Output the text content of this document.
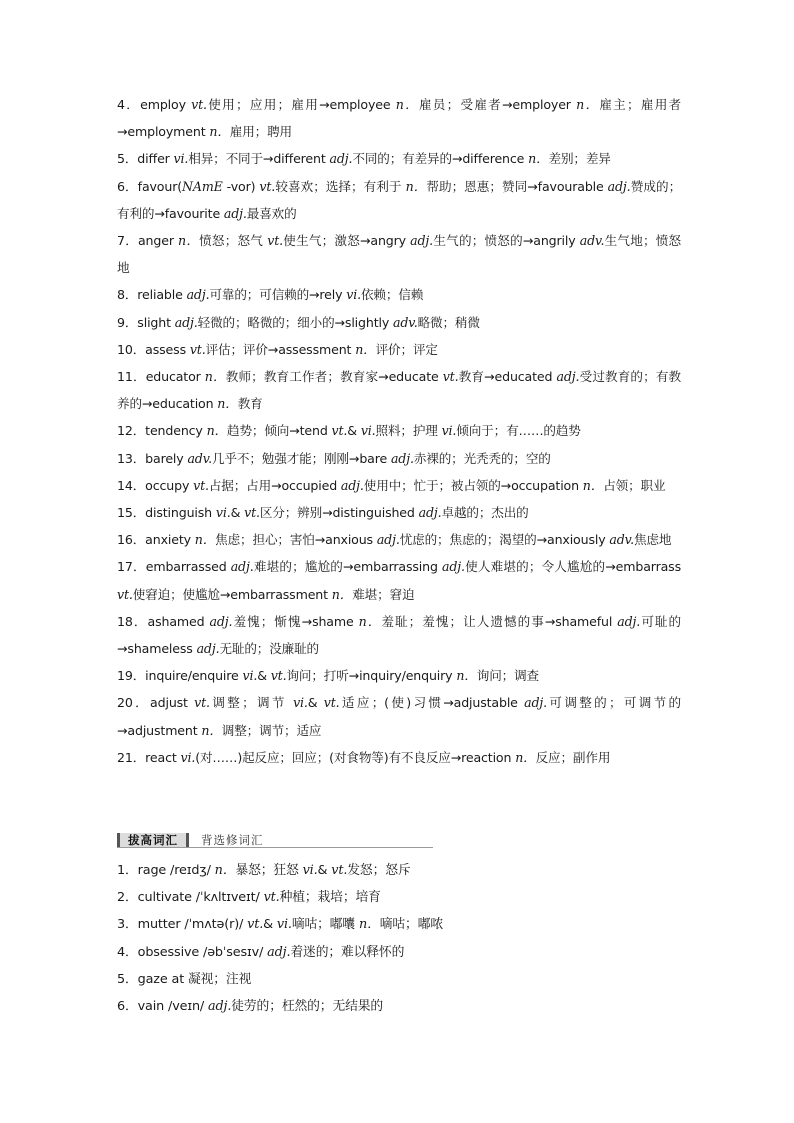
4．employ vt.使用；应用；雇用→employee n．雇员；受雇者→employer n．雇主；雇用者→employment n．雇用；聘用
5．differ vi.相异；不同于→different adj.不同的；有差异的→difference n．差别；差异
6．favour(NAmE -vor) vt.较喜欢；选择；有利于 n．帮助；恩惠；赞同→favourable adj.赞成的；有利的→favourite adj.最喜欢的
7．anger n．愤怒；怒气 vt.使生气；激怒→angry adj.生气的；愤怒的→angrily adv.生气地；愤怒地
8．reliable adj.可靠的；可信赖的→rely vi.依赖；信赖
9．slight adj.轻微的；略微的；细小的→slightly adv.略微；稍微
10．assess vt.评估；评价→assessment n．评价；评定
11．educator n．教师；教育工作者；教育家→educate vt.教育→educated adj.受过教育的；有教养的→education n．教育
12．tendency n．趋势；倾向→tend vt.& vi.照料；护理 vi.倾向于；有……的趋势
13．barely adv.几乎不；勉强才能；刚刚→bare adj.赤裸的；光秃秃的；空的
14．occupy vt.占据；占用→occupied adj.使用中；忙于；被占领的→occupation n．占领；职业
15．distinguish vi.& vt.区分；辨别→distinguished adj.卓越的；杰出的
16．anxiety n．焦虑；担心；害怕→anxious adj.忧虑的；焦虑的；渴望的→anxiously adv.焦虑地
17．embarrassed adj.难堪的；尴尬的→embarrassing adj.使人难堪的；令人尴尬的→embarrass vt.使窘迫；使尴尬→embarrassment n．难堪；窘迫
18．ashamed adj.羞愧；惭愧→shame n．羞耻；羞愧；让人遗憾的事→shameful adj.可耻的→shameless adj.无耻的；没廉耻的
19．inquire/enquire vi.& vt.询问；打听→inquiry/enquiry n．询问；调查
20．adjust vt.调整；调节 vi.& vt.适应；(使)习惯→adjustable adj.可调整的；可调节的→adjustment n．调整；调节；适应
21．react vi.(对……)起反应；回应；(对食物等)有不良反应→reaction n．反应；副作用
拔高词汇	背选修词汇
1．rage /reɪdʒ/ n．暴怒；狂怒 vi.& vt.发怒；怒斥
2．cultivate /ˈkʌltɪveɪt/ vt.种植；栽培；培育
3．mutter /ˈmʌtə(r)/ vt.& vi.嘀咕；嘟囔 n．嘀咕；嘟哝
4．obsessive /əbˈsesɪv/ adj.着迷的；难以释怀的
5．gaze at 凝视；注视
6．vain /veɪn/ adj.徒劳的；枉然的；无结果的
